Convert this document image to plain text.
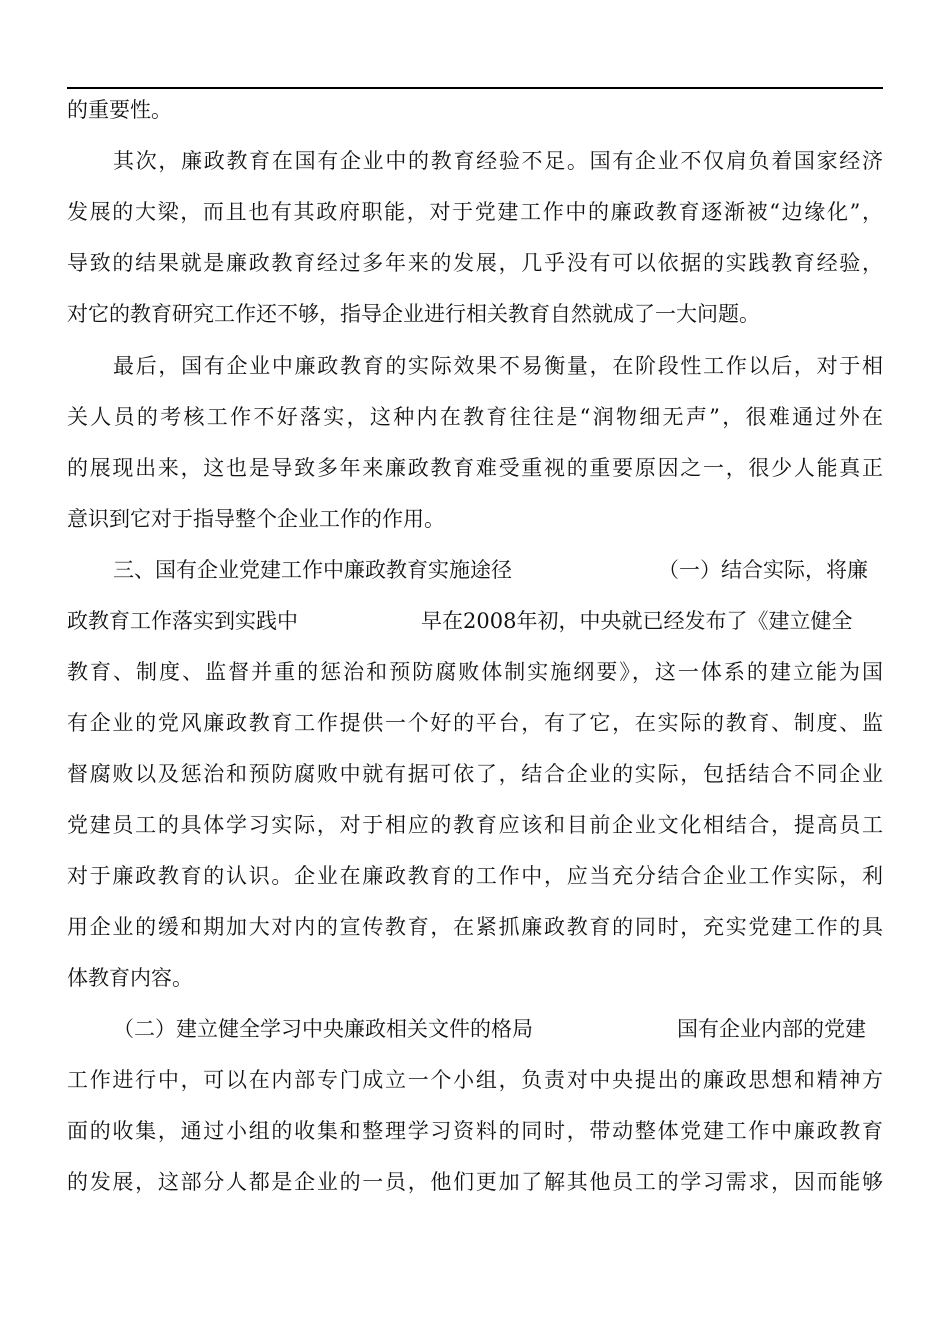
的重要性。
其次，廉政教育在国有企业中的教育经验不足。国有企业不仅肩负着国家经济
发展的大梁，而且也有其政府职能，对于党建工作中的廉政教育逐渐被“边缘化”，
导致的结果就是廉政教育经过多年来的发展，几乎没有可以依据的实践教育经验，
对它的教育研究工作还不够，指导企业进行相关教育自然就成了一大问题。
最后，国有企业中廉政教育的实际效果不易衡量，在阶段性工作以后，对于相
关人员的考核工作不好落实，这种内在教育往往是“润物细无声”，很难通过外在
的展现出来，这也是导致多年来廉政教育难受重视的重要原因之一，很少人能真正
意识到它对于指导整个企业工作的作用。
三、国有企业党建工作中廉政教育实施途径	（一）结合实际，将廉
政教育工作落实到实践中	早在2008年初，中央就已经发布了《建立健全
教育、制度、监督并重的惩治和预防腐败体制实施纲要》，这一体系的建立能为国
有企业的党风廉政教育工作提供一个好的平台，有了它，在实际的教育、制度、监
督腐败以及惩治和预防腐败中就有据可依了，结合企业的实际，包括结合不同企业
党建员工的具体学习实际，对于相应的教育应该和目前企业文化相结合，提高员工
对于廉政教育的认识。企业在廉政教育的工作中，应当充分结合企业工作实际，利
用企业的缓和期加大对内的宣传教育，在紧抓廉政教育的同时，充实党建工作的具
体教育内容。
（二）建立健全学习中央廉政相关文件的格局	国有企业内部的党建
工作进行中，可以在内部专门成立一个小组，负责对中央提出的廉政思想和精神方
面的收集，通过小组的收集和整理学习资料的同时，带动整体党建工作中廉政教育
的发展，这部分人都是企业的一员，他们更加了解其他员工的学习需求，因而能够
